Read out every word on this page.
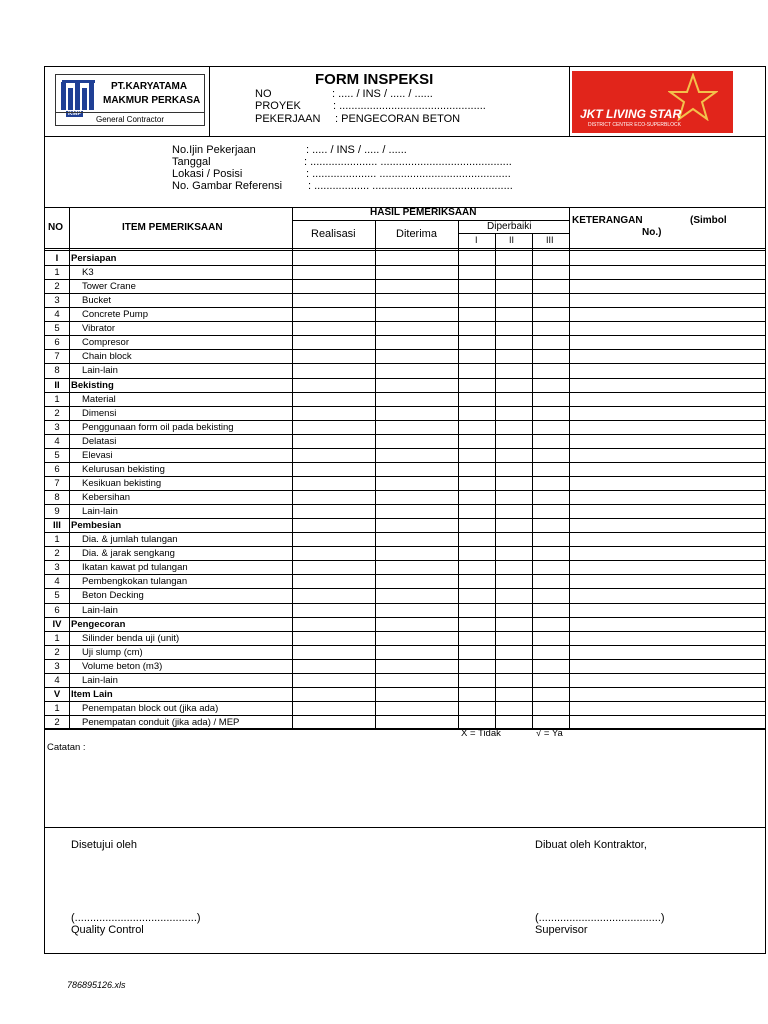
KMP
PT.KARYATAMA
MAKMUR PERKASA
General Contractor
FORM INSPEKSI
NO	: ..... / INS / ..... / ......
PROYEK	: ................................................
PEKERJAAN : PENGECORAN BETON	JKT LIVING STAR
DISTRICT CENTER ECO-SUPERBLOCK
No.Ijin Pekerjaan	: ..... / INS / ..... / ......
Tanggal	: ...................... ...........................................
Lokasi / Posisi	: ..................... ...........................................
No. Gambar Referensi : .................. ..............................................
NO	ITEM PEMERIKSAAN
HASIL PEMERIKSAAN
Realisasi	Diterima
Diperbaiki
I	II	III
KETERANGAN	(Simbol
No.)
I	Persiapan
1	K3
2	Tower Crane
3	Bucket
4	Concrete Pump
5	Vibrator
6	Compresor
7	Chain block
8	Lain-lain
II	Bekisting
1	Material
2	Dimensi
3	Penggunaan form oil pada bekisting
4	Delatasi
5	Elevasi
6	Kelurusan bekisting
7	Kesikuan bekisting
8	Kebersihan
9	Lain-lain
III	Pembesian
1	Dia. & jumlah tulangan
2	Dia. & jarak sengkang
3	Ikatan kawat pd tulangan
4	Pembengkokan tulangan
5	Beton Decking
6	Lain-lain
IV	Pengecoran
1	Silinder benda uji (unit)
2	Uji slump (cm)
3	Volume beton (m3)
4	Lain-lain
V	Item Lain
1	Penempatan block out (jika ada)
2	Penempatan conduit (jika ada) / MEP
X = Tidak	√ = Ya
Catatan :
Disetujui oleh
(........................................)
Quality Control
Dibuat oleh Kontraktor,
(........................................)
Supervisor
786895126.xls
